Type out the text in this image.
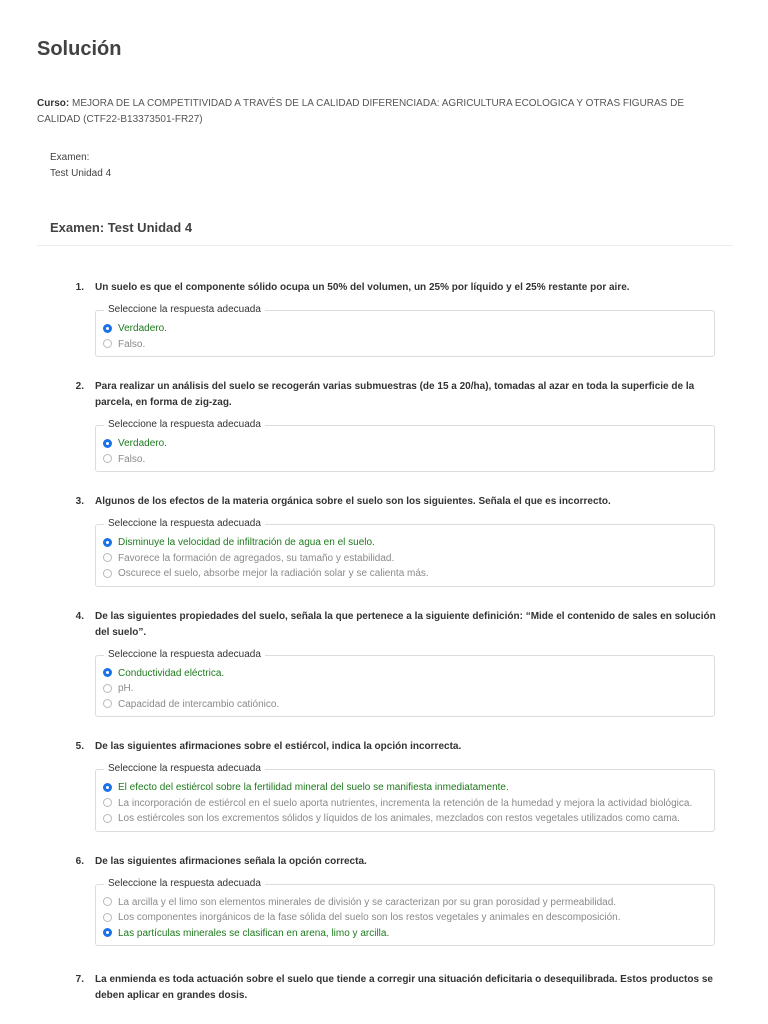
Solución
Curso: MEJORA DE LA COMPETITIVIDAD A TRAVÉS DE LA CALIDAD DIFERENCIADA: AGRICULTURA ECOLOGICA Y OTRAS FIGURAS DE CALIDAD (CTF22-B13373501-FR27)
Examen:
Test Unidad 4
Examen: Test Unidad 4
1. Un suelo es que el componente sólido ocupa un 50% del volumen, un 25% por líquido y el 25% restante por aire.
Seleccione la respuesta adecuada
Verdadero.
Falso.
2. Para realizar un análisis del suelo se recogerán varias submuestras (de 15 a 20/ha), tomadas al azar en toda la superficie de la parcela, en forma de zig-zag.
Seleccione la respuesta adecuada
Verdadero.
Falso.
3. Algunos de los efectos de la materia orgánica sobre el suelo son los siguientes. Señala el que es incorrecto.
Seleccione la respuesta adecuada
Disminuye la velocidad de infiltración de agua en el suelo.
Favorece la formación de agregados, su tamaño y estabilidad.
Oscurece el suelo, absorbe mejor la radiación solar y se calienta más.
4. De las siguientes propiedades del suelo, señala la que pertenece a la siguiente definición: “Mide el contenido de sales en solución del suelo”.
Seleccione la respuesta adecuada
Conductividad eléctrica.
pH.
Capacidad de intercambio catiónico.
5. De las siguientes afirmaciones sobre el estiércol, indica la opción incorrecta.
Seleccione la respuesta adecuada
El efecto del estiércol sobre la fertilidad mineral del suelo se manifiesta inmediatamente.
La incorporación de estiércol en el suelo aporta nutrientes, incrementa la retención de la humedad y mejora la actividad biológica.
Los estiércoles son los excrementos sólidos y líquidos de los animales, mezclados con restos vegetales utilizados como cama.
6. De las siguientes afirmaciones señala la opción correcta.
Seleccione la respuesta adecuada
La arcilla y el limo son elementos minerales de división y se caracterizan por su gran porosidad y permeabilidad.
Los componentes inorgánicos de la fase sólida del suelo son los restos vegetales y animales en descomposición.
Las partículas minerales se clasifican en arena, limo y arcilla.
7. La enmienda es toda actuación sobre el suelo que tiende a corregir una situación deficitaria o desequilibrada. Estos productos se deben aplicar en grandes dosis.
